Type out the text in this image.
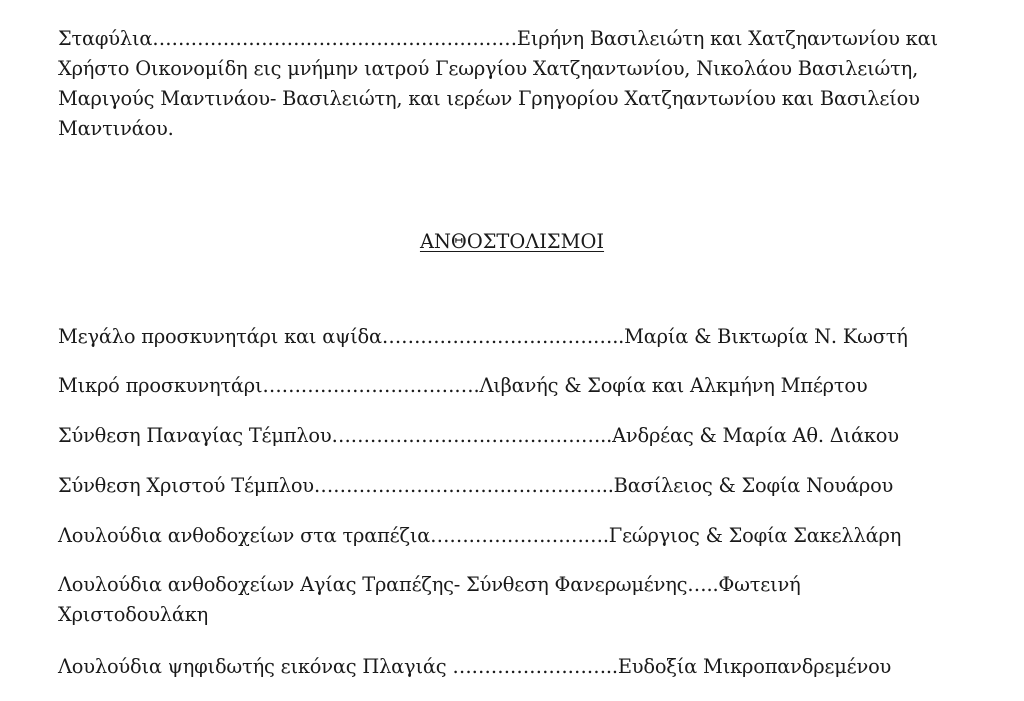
Σταφύλια…………………………………………………Ειρήνη Βασιλειώτη και Χατζηαντωνίου και Χρήστο Οικονομίδη εις μνήμην ιατρού Γεωργίου Χατζηαντωνίου, Νικολάου Βασιλειώτη, Μαριγούς Μαντινάου- Βασιλειώτη, και ιερέων Γρηγορίου Χατζηαντωνίου και Βασιλείου Μαντινάου.

ΑΝΘΟΣΤΟΛΙΣΜΟΙ
Μεγάλο προσκυνητάρι και αψίδα………………………………..Μαρία & Βικτωρία Ν. Κωστή
Μικρό προσκυνητάρι…………………………….Λιβανής & Σοφία και Αλκμήνη Μπέρτου
Σύνθεση Παναγίας Τέμπλου……………………………………..Ανδρέας & Μαρία Αθ. Διάκου
Σύνθεση Χριστού Τέμπλου………………………………………..Βασίλειος & Σοφία Νουάρου
Λουλούδια ανθοδοχείων στα τραπέζια……………………….Γεώργιος & Σοφία Σακελλάρη
Λουλούδια ανθοδοχείων Αγίας Τραπέζης- Σύνθεση Φανερωμένης…..Φωτεινή Χριστοδουλάκη
Λουλούδια ψηφιδωτής εικόνας Πλαγιάς ……………………..Ευδοξία Μικροπανδρεμένου
